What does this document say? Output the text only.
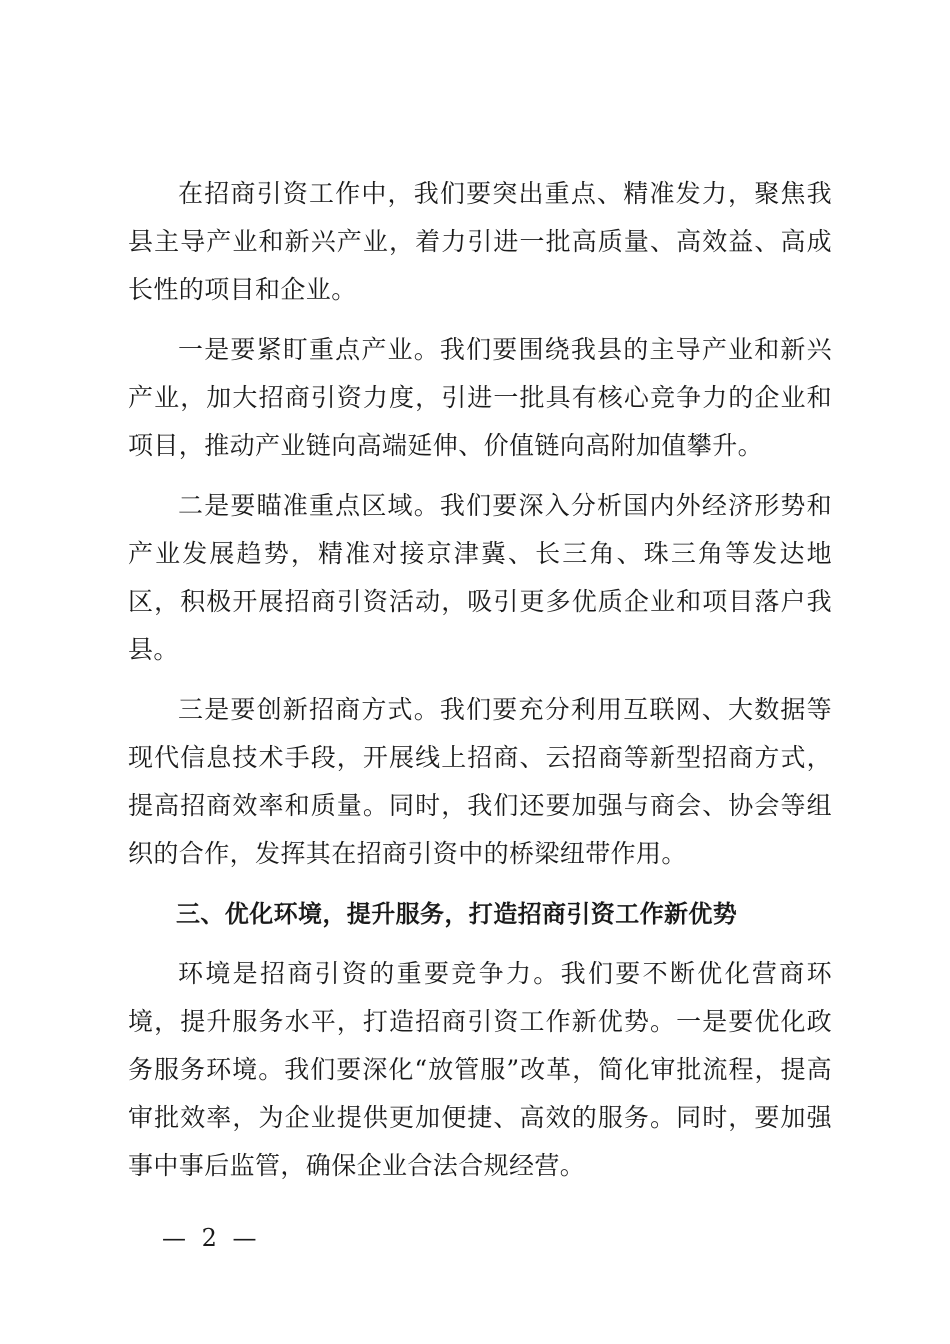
在招商引资工作中，我们要突出重点、精准发力，聚焦我县主导产业和新兴产业，着力引进一批高质量、高效益、高成长性的项目和企业。

一是要紧盯重点产业。我们要围绕我县的主导产业和新兴产业，加大招商引资力度，引进一批具有核心竞争力的企业和项目，推动产业链向高端延伸、价值链向高附加值攀升。

二是要瞄准重点区域。我们要深入分析国内外经济形势和产业发展趋势，精准对接京津冀、长三角、珠三角等发达地区，积极开展招商引资活动，吸引更多优质企业和项目落户我县。

三是要创新招商方式。我们要充分利用互联网、大数据等现代信息技术手段，开展线上招商、云招商等新型招商方式，提高招商效率和质量。同时，我们还要加强与商会、协会等组织的合作，发挥其在招商引资中的桥梁纽带作用。

三、优化环境，提升服务，打造招商引资工作新优势

环境是招商引资的重要竞争力。我们要不断优化营商环境，提升服务水平，打造招商引资工作新优势。一是要优化政务服务环境。我们要深化“放管服”改革，简化审批流程，提高审批效率，为企业提供更加便捷、高效的服务。同时，要加强事中事后监管，确保企业合法合规经营。

— 2 —
